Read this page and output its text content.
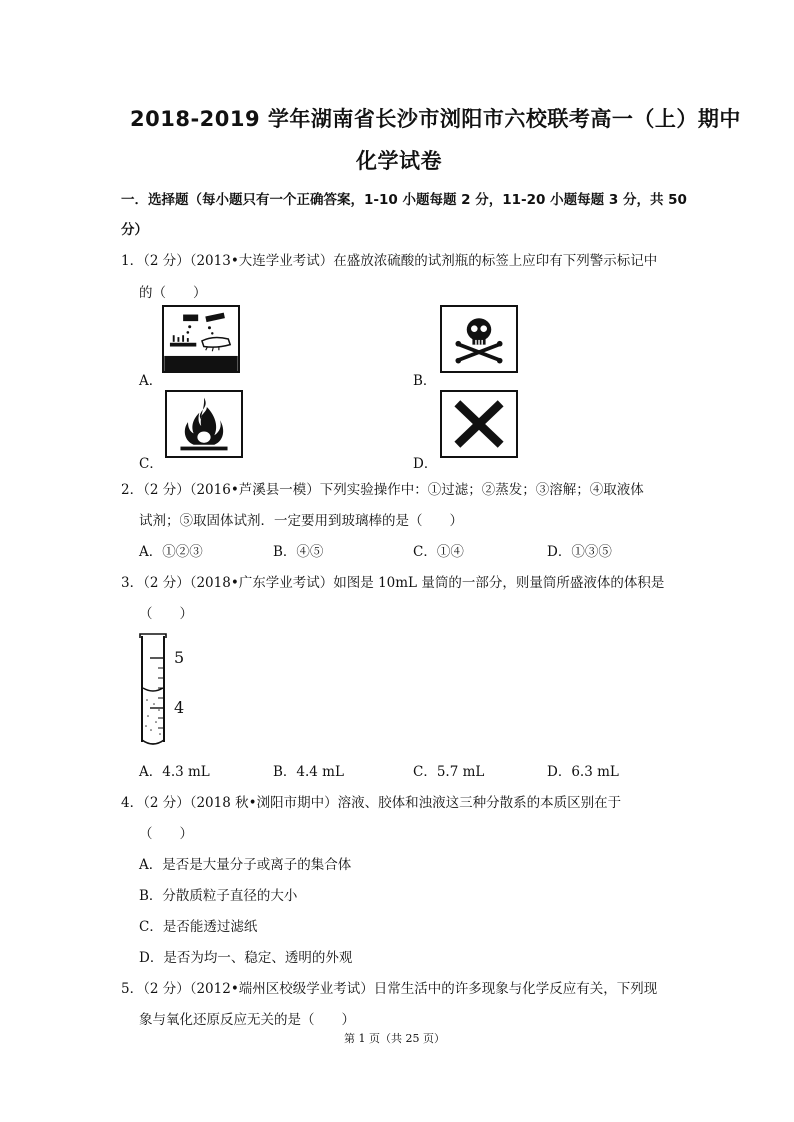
2018-2019 学年湖南省长沙市浏阳市六校联考高一（上）期中
化学试卷
一．选择题（每小题只有一个正确答案，1-10 小题每题 2 分，11-20 小题每题 3 分，共 50
分）
1．（2 分）（2013•大连学业考试）在盛放浓硫酸的试剂瓶的标签上应印有下列警示标记中
的（　　）
A．	B．
C．	D．
2．（2 分）（2016•芦溪县一模）下列实验操作中：①过滤；②蒸发；③溶解；④取液体
试剂；⑤取固体试剂．一定要用到玻璃棒的是（　　）
A．①②③	B．④⑤	C．①④	D．①③⑤
3．（2 分）（2018•广东学业考试）如图是 10mL 量筒的一部分，则量筒所盛液体的体积是
（　　）
5
4
A．4.3 mL	B．4.4 mL	C．5.7 mL	D．6.3 mL
4．（2 分）（2018 秋•浏阳市期中）溶液、胶体和浊液这三种分散系的本质区别在于
（　　）
A．是否是大量分子或离子的集合体
B．分散质粒子直径的大小
C．是否能透过滤纸
D．是否为均一、稳定、透明的外观
5．（2 分）（2012•端州区校级学业考试）日常生活中的许多现象与化学反应有关，下列现
象与氧化还原反应无关的是（　　）
第 1 页（共 25 页）
